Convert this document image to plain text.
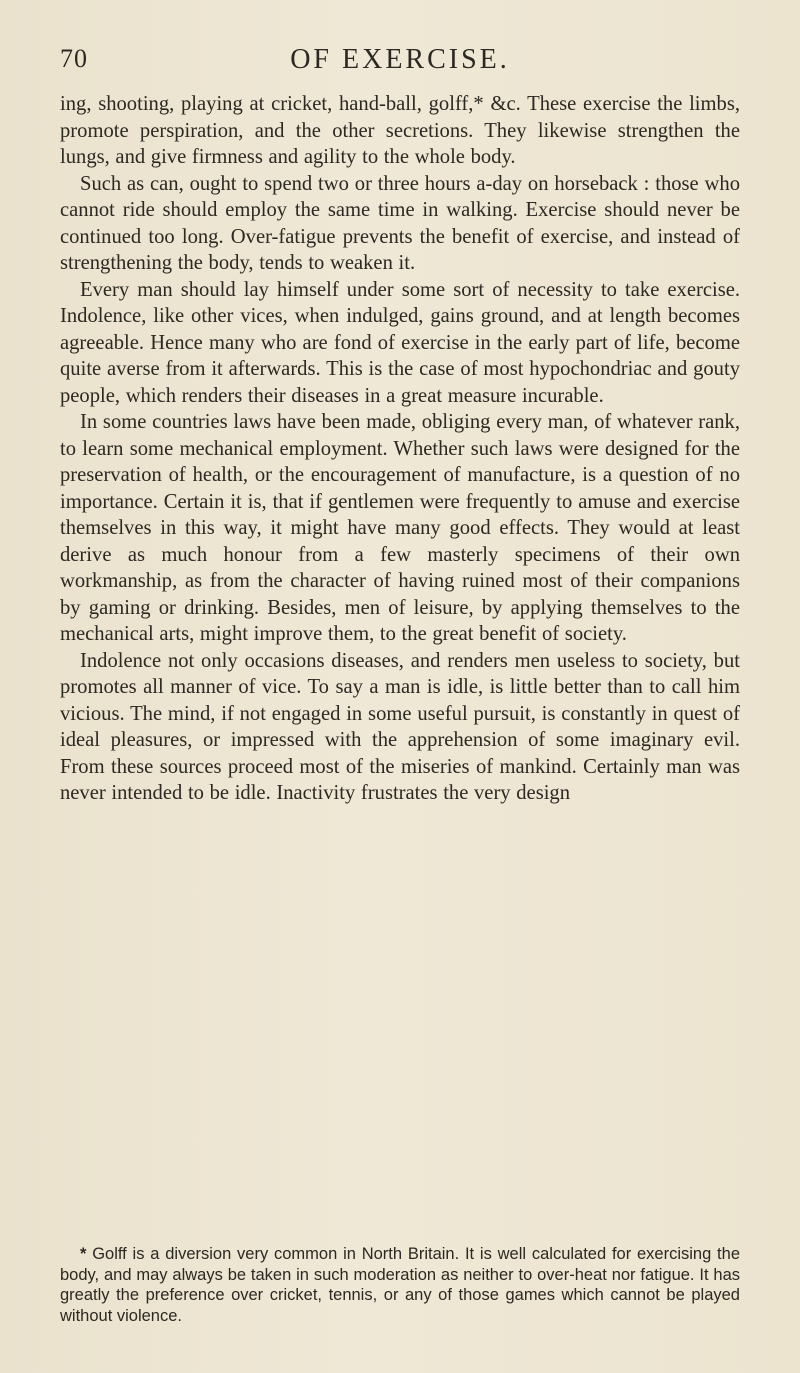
70	OF EXERCISE.

ing, shooting, playing at cricket, hand-ball, golff,* &c. These exercise the limbs, promote perspiration, and the other secretions. They likewise strengthen the lungs, and give firmness and agility to the whole body.

Such as can, ought to spend two or three hours a-day on horseback : those who cannot ride should employ the same time in walking. Exercise should never be continued too long. Over-fatigue prevents the benefit of exercise, and instead of strengthening the body, tends to weaken it.

Every man should lay himself under some sort of necessity to take exercise. Indolence, like other vices, when indulged, gains ground, and at length becomes agreeable. Hence many who are fond of exercise in the early part of life, become quite averse from it afterwards. This is the case of most hypochondriac and gouty people, which renders their diseases in a great measure incurable.

In some countries laws have been made, obliging every man, of whatever rank, to learn some mechanical employment. Whether such laws were designed for the preservation of health, or the encouragement of manufacture, is a question of no importance. Certain it is, that if gentlemen were frequently to amuse and exercise themselves in this way, it might have many good effects. They would at least derive as much honour from a few masterly specimens of their own workmanship, as from the character of having ruined most of their companions by gaming or drinking. Besides, men of leisure, by applying themselves to the mechanical arts, might improve them, to the great benefit of society.

Indolence not only occasions diseases, and renders men useless to society, but promotes all manner of vice. To say a man is idle, is little better than to call him vicious. The mind, if not engaged in some useful pursuit, is constantly in quest of ideal pleasures, or impressed with the apprehension of some imaginary evil. From these sources proceed most of the miseries of mankind. Certainly man was never intended to be idle. Inactivity frustrates the very design

* Golff is a diversion very common in North Britain. It is well calculated for exercising the body, and may always be taken in such moderation as neither to over-heat nor fatigue. It has greatly the preference over cricket, tennis, or any of those games which cannot be played without violence.
